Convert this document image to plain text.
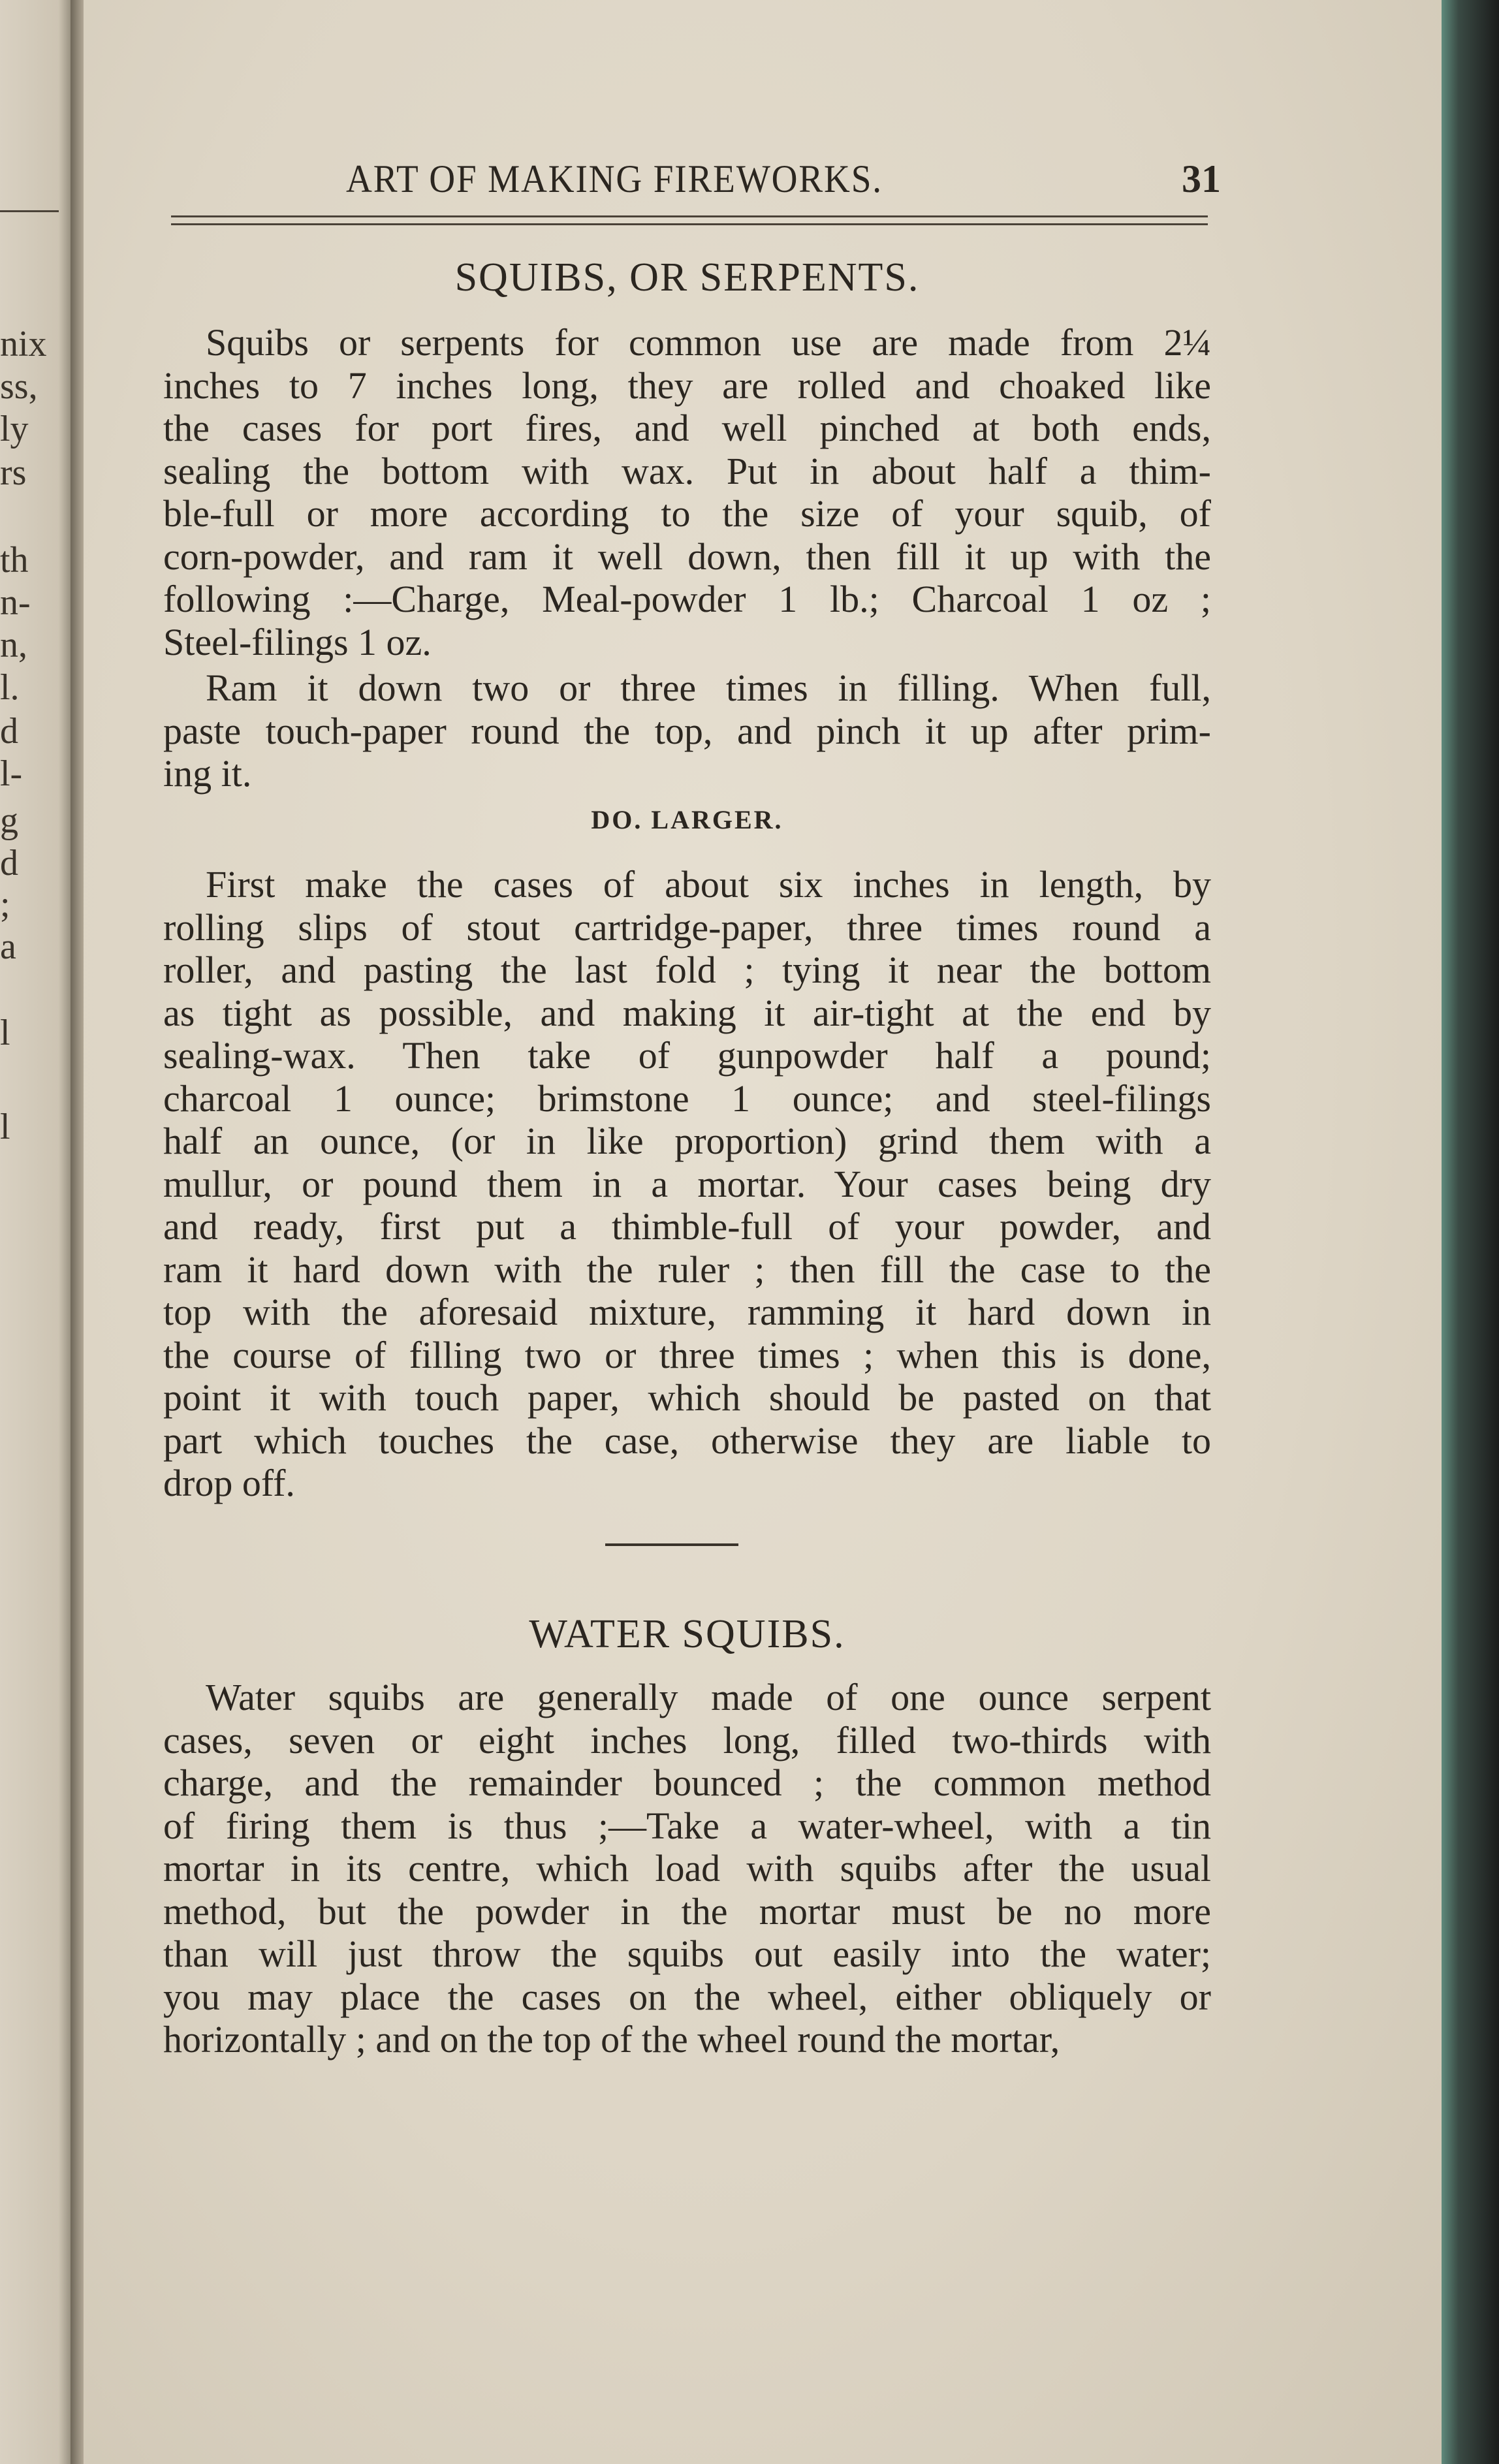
nix
ss,
ly
rs
th
n-
n,
l.
d
l-
g
d
;
a
l
l
ART OF MAKING FIREWORKS.	31
SQUIBS, OR SERPENTS.
Squibs or serpents for common use are made from 2¼
inches to 7 inches long, they are rolled and choaked like
the cases for port fires, and well pinched at both ends,
sealing the bottom with wax. Put in about half a thim-
ble-full or more according to the size of your squib, of
corn-powder, and ram it well down, then fill it up with the
following :—Charge, Meal-powder 1 lb.; Charcoal 1 oz ;
Steel-filings 1 oz.
Ram it down two or three times in filling. When full,
paste touch-paper round the top, and pinch it up after prim-
ing it.
DO. LARGER.
First make the cases of about six inches in length, by
rolling slips of stout cartridge-paper, three times round a
roller, and pasting the last fold ; tying it near the bottom
as tight as possible, and making it air-tight at the end by
sealing-wax. Then take of gunpowder half a pound;
charcoal 1 ounce; brimstone 1 ounce; and steel-filings
half an ounce, (or in like proportion) grind them with a
mullur, or pound them in a mortar. Your cases being dry
and ready, first put a thimble-full of your powder, and
ram it hard down with the ruler ; then fill the case to the
top with the aforesaid mixture, ramming it hard down in
the course of filling two or three times ; when this is done,
point it with touch paper, which should be pasted on that
part which touches the case, otherwise they are liable to
drop off.
WATER SQUIBS.
Water squibs are generally made of one ounce serpent
cases, seven or eight inches long, filled two-thirds with
charge, and the remainder bounced ; the common method
of firing them is thus ;—Take a water-wheel, with a tin
mortar in its centre, which load with squibs after the usual
method, but the powder in the mortar must be no more
than will just throw the squibs out easily into the water;
you may place the cases on the wheel, either obliquely or
horizontally ; and on the top of the wheel round the mortar,
